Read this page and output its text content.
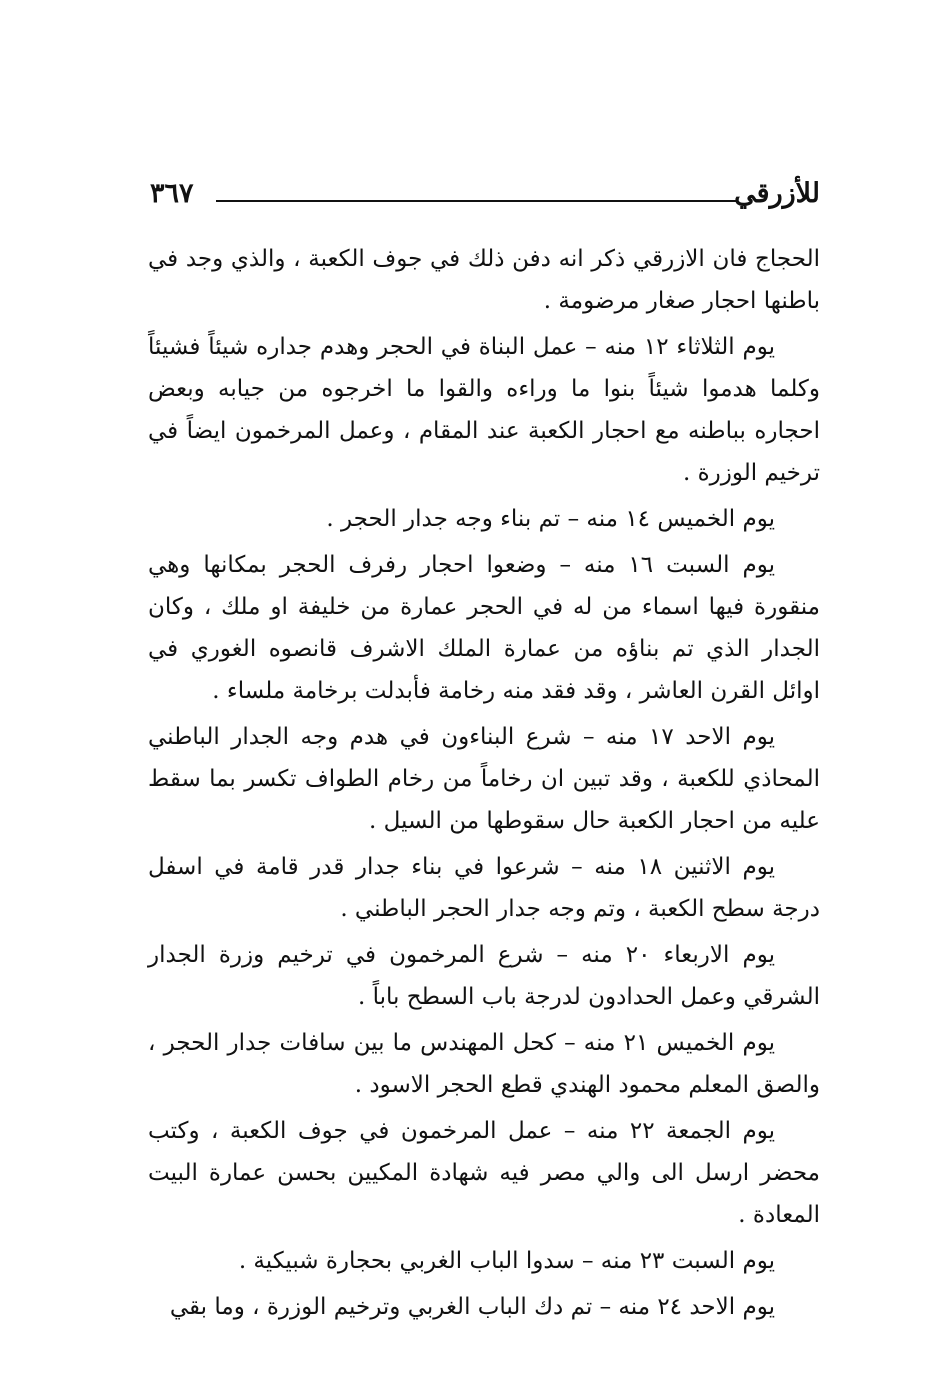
للأزرقي
٣٦٧

الحجاج فان الازرقي ذكر انه دفن ذلك في جوف الكعبة ، والذي وجد في باطنها احجار صغار مرضومة .

يوم الثلاثاء ١٢ منه – عمل البناة في الحجر وهدم جداره شيئاً فشيئاً وكلما هدموا شيئاً بنوا ما وراءه والقوا ما اخرجوه من جيابه وبعض احجاره بباطنه مع احجار الكعبة عند المقام ، وعمل المرخمون ايضاً في ترخيم الوزرة .

يوم الخميس ١٤ منه – تم بناء وجه جدار الحجر .

يوم السبت ١٦ منه – وضعوا احجار رفرف الحجر بمكانها وهي منقورة فيها اسماء من له في الحجر عمارة من خليفة او ملك ، وكان الجدار الذي تم بناؤه من عمارة الملك الاشرف قانصوه الغوري في اوائل القرن العاشر ، وقد فقد منه رخامة فأبدلت برخامة ملساء .

يوم الاحد ١٧ منه – شرع البناءون في هدم وجه الجدار الباطني المحاذي للكعبة ، وقد تبين ان رخاماً من رخام الطواف تكسر بما سقط عليه من احجار الكعبة حال سقوطها من السيل .

يوم الاثنين ١٨ منه – شرعوا في بناء جدار قدر قامة في اسفل درجة سطح الكعبة ، وتم وجه جدار الحجر الباطني .

يوم الاربعاء ٢٠ منه – شرع المرخمون في ترخيم وزرة الجدار الشرقي وعمل الحدادون لدرجة باب السطح باباً .

يوم الخميس ٢١ منه – كحل المهندس ما بين سافات جدار الحجر ، والصق المعلم محمود الهندي قطع الحجر الاسود .

يوم الجمعة ٢٢ منه – عمل المرخمون في جوف الكعبة ، وكتب محضر ارسل الى والي مصر فيه شهادة المكيين بحسن عمارة البيت المعادة .

يوم السبت ٢٣ منه – سدوا الباب الغربي بحجارة شبيكية .

يوم الاحد ٢٤ منه – تم دك الباب الغربي وترخيم الوزرة ، وما بقي
